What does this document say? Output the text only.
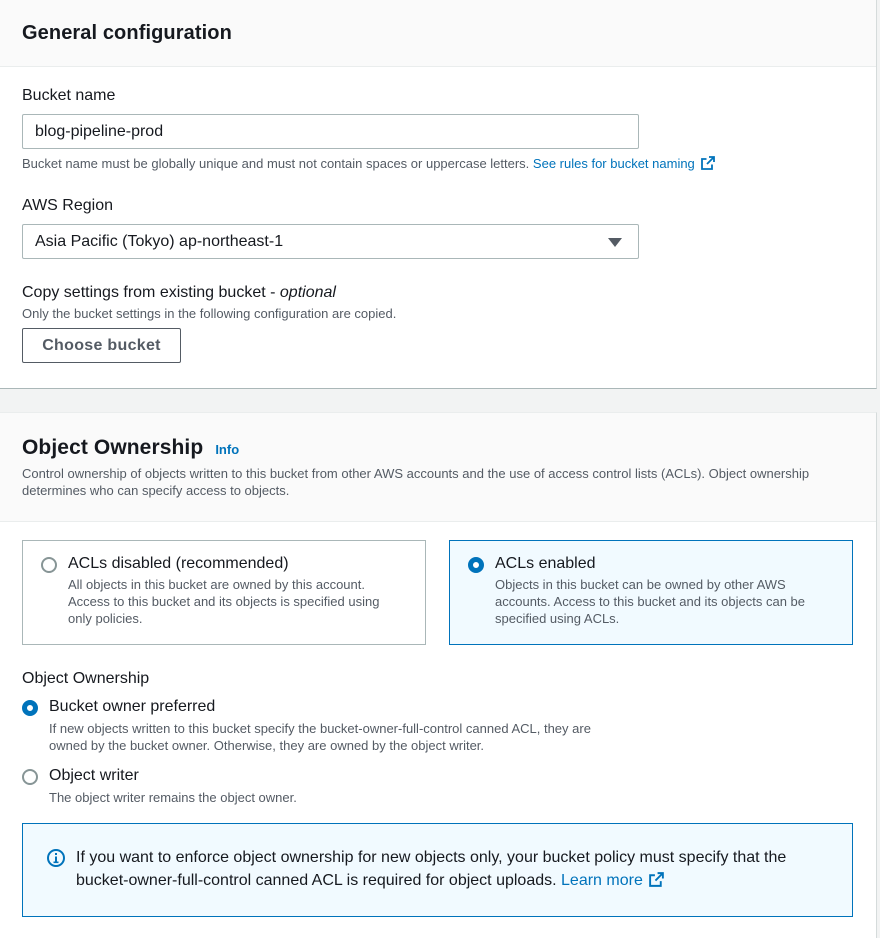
General configuration
Bucket name
blog-pipeline-prod
Bucket name must be globally unique and must not contain spaces or uppercase letters. See rules for bucket naming
AWS Region
Asia Pacific (Tokyo) ap-northeast-1
Copy settings from existing bucket - optional
Only the bucket settings in the following configuration are copied.
Choose bucket
Object Ownership Info
Control ownership of objects written to this bucket from other AWS accounts and the use of access control lists (ACLs). Object ownership determines who can specify access to objects.
ACLs disabled (recommended)
All objects in this bucket are owned by this account. Access to this bucket and its objects is specified using only policies.
ACLs enabled
Objects in this bucket can be owned by other AWS accounts. Access to this bucket and its objects can be specified using ACLs.
Object Ownership
Bucket owner preferred
If new objects written to this bucket specify the bucket-owner-full-control canned ACL, they are owned by the bucket owner. Otherwise, they are owned by the object writer.
Object writer
The object writer remains the object owner.
If you want to enforce object ownership for new objects only, your bucket policy must specify that the bucket-owner-full-control canned ACL is required for object uploads. Learn more
